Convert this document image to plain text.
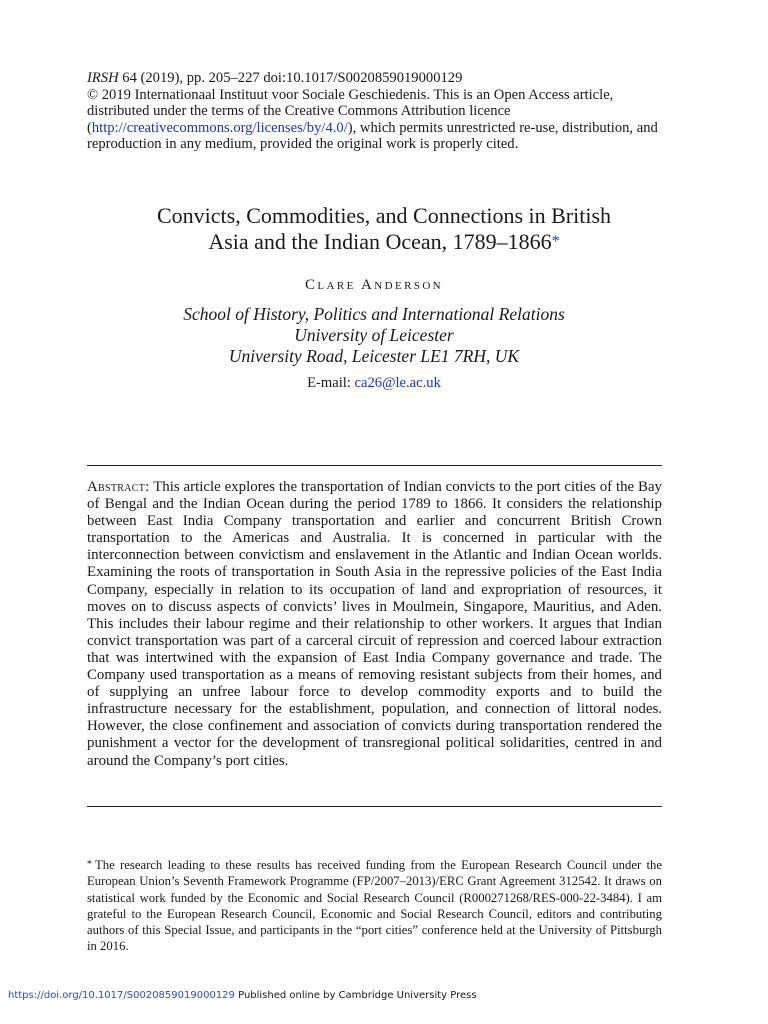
IRSH 64 (2019), pp. 205–227 doi:10.1017/S0020859019000129

© 2019 Internationaal Instituut voor Sociale Geschiedenis. This is an Open Access article, distributed under the terms of the Creative Commons Attribution licence (http://creativecommons.org/licenses/by/4.0/), which permits unrestricted re-use, distribution, and reproduction in any medium, provided the original work is properly cited.

Convicts, Commodities, and Connections in British
Asia and the Indian Ocean, 1789–1866*
Clare Anderson
School of History, Politics and International Relations
University of Leicester
University Road, Leicester LE1 7RH, UK
E-mail: ca26@le.ac.uk

Abstract: This article explores the transportation of Indian convicts to the port cities of the Bay of Bengal and the Indian Ocean during the period 1789 to 1866. It considers the relationship between East India Company transportation and earlier and concurrent British Crown transportation to the Americas and Australia. It is concerned in particular with the interconnection between convictism and enslavement in the Atlantic and Indian Ocean worlds. Examining the roots of transportation in South Asia in the repressive policies of the East India Company, especially in relation to its occupation of land and expropriation of resources, it moves on to discuss aspects of convicts’ lives in Moulmein, Singapore, Mauritius, and Aden. This includes their labour regime and their relationship to other workers. It argues that Indian convict transportation was part of a carceral circuit of repression and coerced labour extraction that was intertwined with the expansion of East India Company governance and trade. The Company used transportation as a means of removing resistant subjects from their homes, and of supplying an unfree labour force to develop commodity exports and to build the infrastructure necessary for the establishment, population, and connection of littoral nodes. However, the close confinement and association of convicts during transportation rendered the punishment a vector for the development of transregional political solidarities, centred in and around the Company’s port cities.

* The research leading to these results has received funding from the European Research Council under the European Union’s Seventh Framework Programme (FP/2007–2013)/ERC Grant Agreement 312542. It draws on statistical work funded by the Economic and Social Research Council (R000271268/RES-000-22-3484). I am grateful to the European Research Council, Economic and Social Research Council, editors and contributing authors of this Special Issue, and participants in the “port cities” conference held at the University of Pittsburgh in 2016.

https://doi.org/10.1017/S0020859019000129 Published online by Cambridge University Press
